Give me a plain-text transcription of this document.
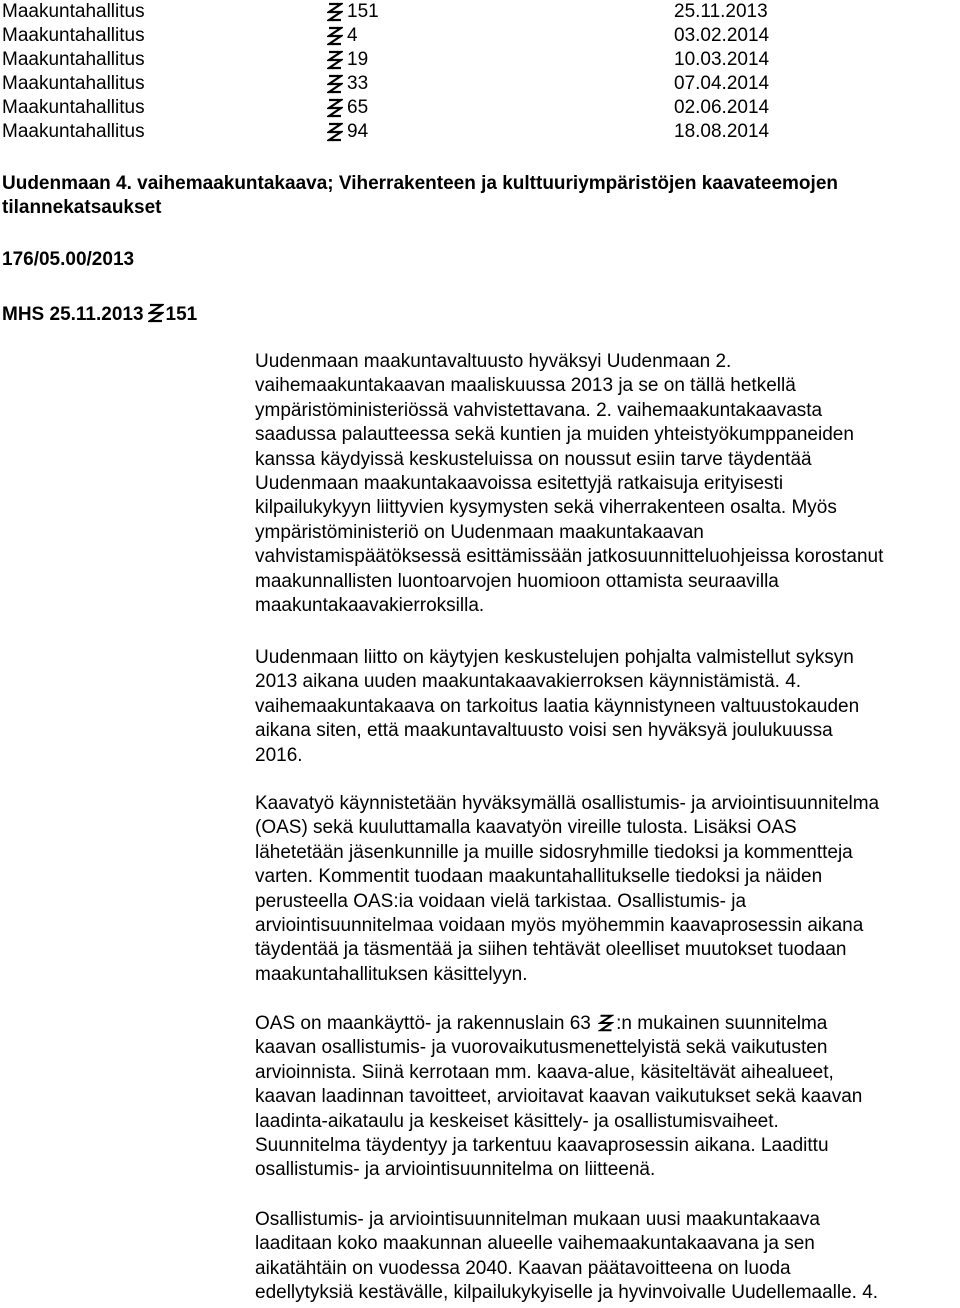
Maakuntahallitus	151	25.11.2013
Maakuntahallitus	4	03.02.2014
Maakuntahallitus	19	10.03.2014
Maakuntahallitus	33	07.04.2014
Maakuntahallitus	65	02.06.2014
Maakuntahallitus	94	18.08.2014
Uudenmaan 4. vaihemaakuntakaava; Viherrakenteen ja kulttuuriympäristöjen kaavateemojen tilannekatsaukset
176/05.00/2013
MHS 25.11.2013 151
Uudenmaan maakuntavaltuusto hyväksyi Uudenmaan 2.
vaihemaakuntakaavan maaliskuussa 2013 ja se on tällä hetkellä
ympäristöministeriössä vahvistettavana. 2. vaihemaakuntakaavasta
saadussa palautteessa sekä kuntien ja muiden yhteistyökumppaneiden
kanssa käydyissä keskusteluissa on noussut esiin tarve täydentää
Uudenmaan maakuntakaavoissa esitettyjä ratkaisuja erityisesti
kilpailukykyyn liittyvien kysymysten sekä viherrakenteen osalta. Myös
ympäristöministeriö on Uudenmaan maakuntakaavan
vahvistamispäätöksessä esittämissään jatkosuunnitteluohjeissa korostanut
maakunnallisten luontoarvojen huomioon ottamista seuraavilla
maakuntakaavakierroksilla.
Uudenmaan liitto on käytyjen keskustelujen pohjalta valmistellut syksyn
2013 aikana uuden maakuntakaavakierroksen käynnistämistä. 4.
vaihemaakuntakaava on tarkoitus laatia käynnistyneen valtuustokauden
aikana siten, että maakuntavaltuusto voisi sen hyväksyä joulukuussa
2016.
Kaavatyö käynnistetään hyväksymällä osallistumis- ja arviointisuunnitelma
(OAS) sekä kuuluttamalla kaavatyön vireille tulosta. Lisäksi OAS
lähetetään jäsenkunnille ja muille sidosryhmille tiedoksi ja kommentteja
varten. Kommentit tuodaan maakuntahallitukselle tiedoksi ja näiden
perusteella OAS:ia voidaan vielä tarkistaa. Osallistumis- ja
arviointisuunnitelmaa voidaan myös myöhemmin kaavaprosessin aikana
täydentää ja täsmentää ja siihen tehtävät oleelliset muutokset tuodaan
maakuntahallituksen käsittelyyn.
OAS on maankäyttö- ja rakennuslain 63 :n mukainen suunnitelma
kaavan osallistumis- ja vuorovaikutusmenettelyistä sekä vaikutusten
arvioinnista. Siinä kerrotaan mm. kaava-alue, käsiteltävät aihealueet,
kaavan laadinnan tavoitteet, arvioitavat kaavan vaikutukset sekä kaavan
laadinta-aikataulu ja keskeiset käsittely- ja osallistumisvaiheet.
Suunnitelma täydentyy ja tarkentuu kaavaprosessin aikana. Laadittu
osallistumis- ja arviointisuunnitelma on liitteenä.
Osallistumis- ja arviointisuunnitelman mukaan uusi maakuntakaava
laaditaan koko maakunnan alueelle vaihemaakuntakaavana ja sen
aikatähtäin on vuodessa 2040. Kaavan päätavoitteena on luoda
edellytyksiä kestävälle, kilpailukykyiselle ja hyvinvoivalle Uudellemaalle. 4.
